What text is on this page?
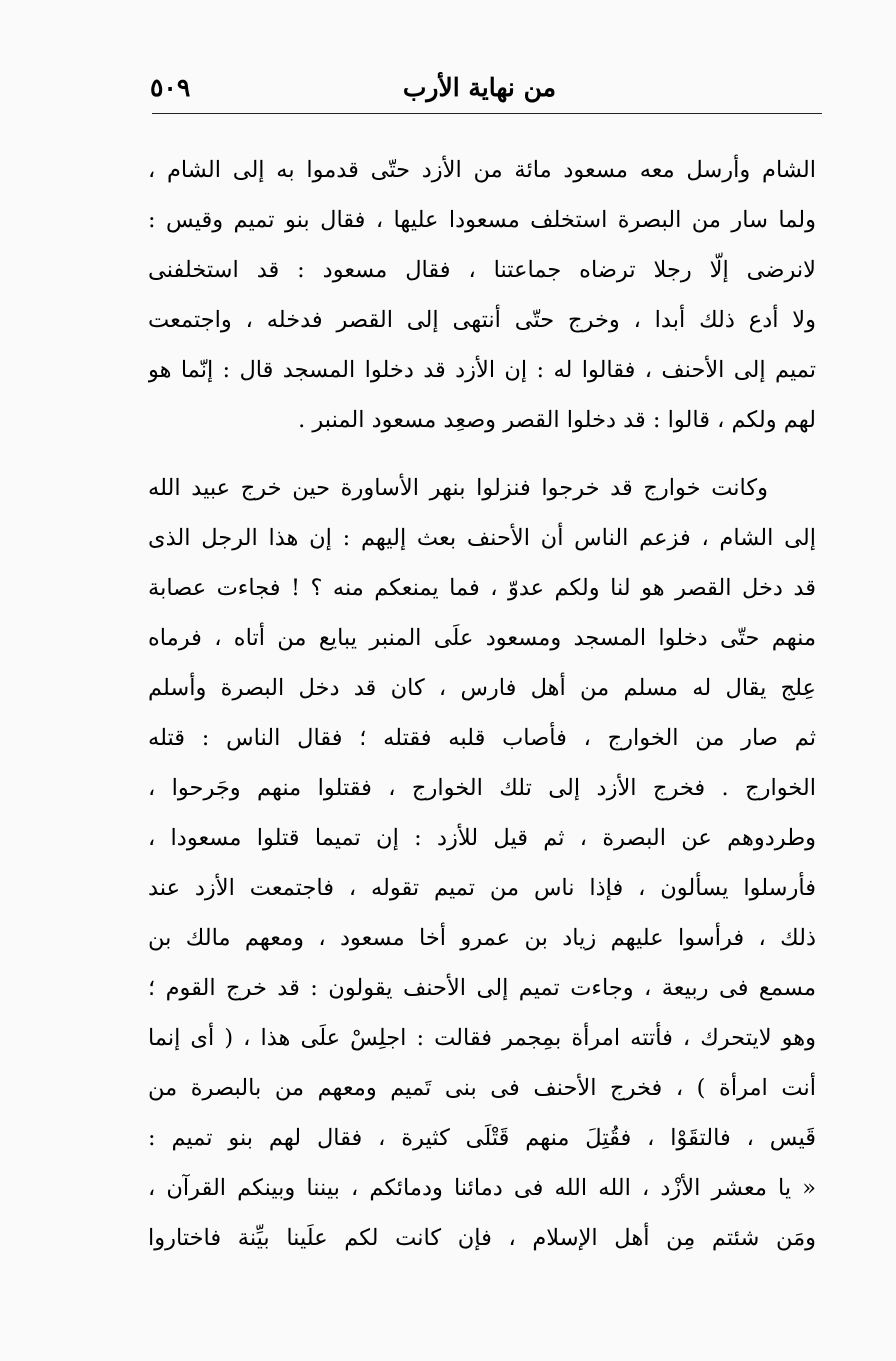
من نهاية الأرب
٥٠٩
الشام وأرسل معه مسعود مائة من الأزد حتّى قدموا به إلى الشام ،
ولما سار من البصرة استخلف مسعودا عليها ، فقال بنو تميم وقيس :
لانرضى إلّا رجلا ترضاه جماعتنا ، فقال مسعود : قد استخلفنى
ولا أدع ذلك أبدا ، وخرج حتّى أنتهى إلى القصر فدخله ، واجتمعت
تميم إلى الأحنف ، فقالوا له : إن الأزد قد دخلوا المسجد قال : إنّما هو
لهم ولكم ، قالوا : قد دخلوا القصر وصعِد مسعود المنبر .
وكانت خوارج قد خرجوا فنزلوا بنهر الأساورة حين خرج عبيد الله
إلى الشام ، فزعم الناس أن الأحنف بعث إليهم : إن هذا الرجل الذى
قد دخل القصر هو لنا ولكم عدوّ ، فما يمنعكم منه ؟ ! فجاءت عصابة
منهم حتّى دخلوا المسجد ومسعود علَى المنبر يبايع من أتاه ، فرماه
عِلج يقال له مسلم من أهل فارس ، كان قد دخل البصرة وأسلم
ثم صار من الخوارج ، فأصاب قلبه فقتله ؛ فقال الناس : قتله
الخوارج . فخرج الأزد إلى تلك الخوارج ، فقتلوا منهم وجَرحوا ،
وطردوهم عن البصرة ، ثم قيل للأزد : إن تميما قتلوا مسعودا ،
فأرسلوا يسألون ، فإذا ناس من تميم تقوله ، فاجتمعت الأزد عند
ذلك ، فرأسوا عليهم زياد بن عمرو أخا مسعود ، ومعهم مالك بن
مسمع فى ربيعة ، وجاءت تميم إلى الأحنف يقولون : قد خرج القوم ؛
وهو لايتحرك ، فأتته امرأة بمِجمر فقالت : اجلِسْ علَى هذا ، ( أى إنما
أنت امرأة ) ، فخرج الأحنف فى بنى تَميم ومعهم من بالبصرة من
قَيس ، فالتقَوْا ، فقُتِلَ منهم قَتْلَى كثيرة ، فقال لهم بنو تميم :
« يا معشر الأزْد ، الله الله فى دمائنا ودمائكم ، بيننا وبينكم القرآن ،
ومَن شئتم مِن أهل الإسلام ، فإن كانت لكم علَينا بيِّنة فاختاروا
